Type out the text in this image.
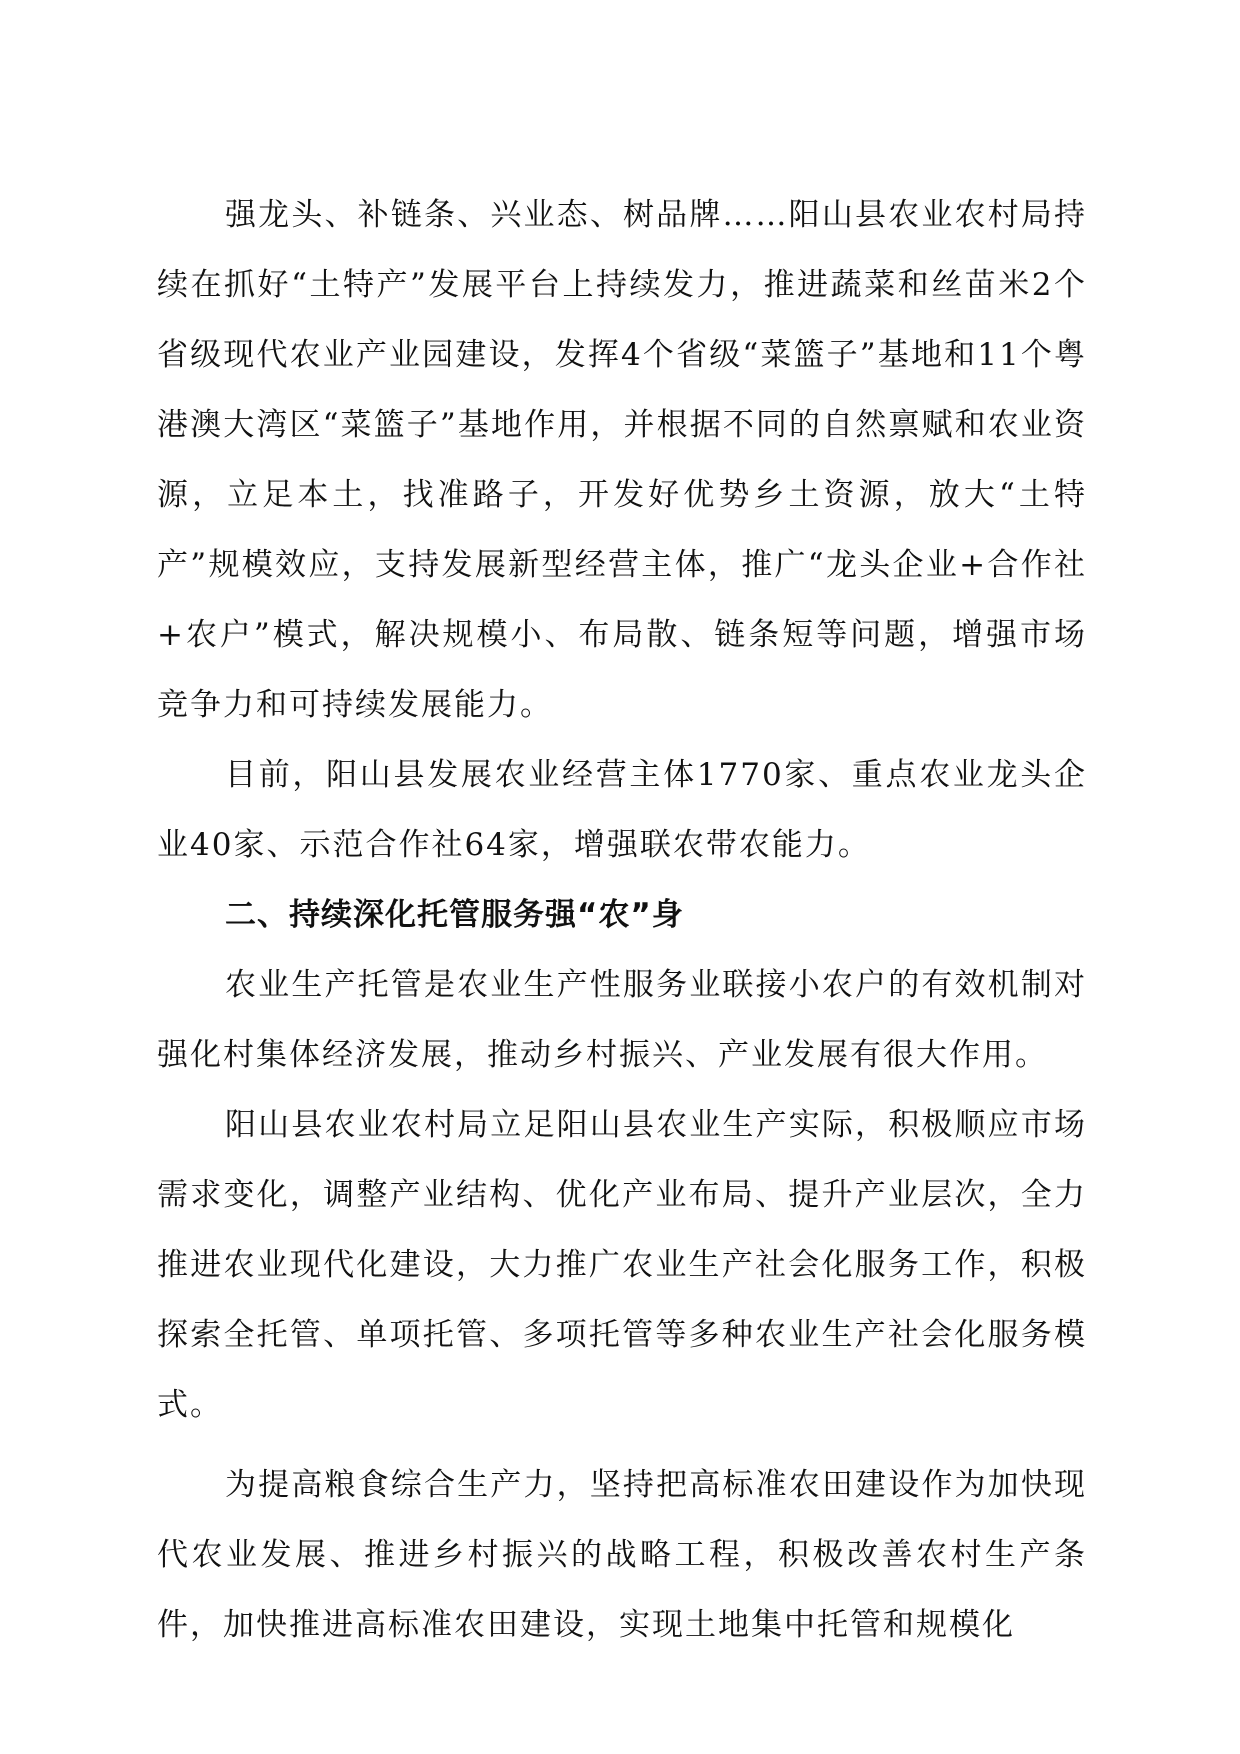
强龙头、补链条、兴业态、树品牌……阳山县农业农村局持续在抓好“土特产”发展平台上持续发力，推进蔬菜和丝苗米2个省级现代农业产业园建设，发挥4个省级“菜篮子”基地和11个粤港澳大湾区“菜篮子”基地作用，并根据不同的自然禀赋和农业资源，立足本土，找准路子，开发好优势乡土资源，放大“土特产”规模效应，支持发展新型经营主体，推广“龙头企业+合作社+农户”模式，解决规模小、布局散、链条短等问题，增强市场竞争力和可持续发展能力。

目前，阳山县发展农业经营主体1770家、重点农业龙头企业40家、示范合作社64家，增强联农带农能力。

二、持续深化托管服务强“农”身

农业生产托管是农业生产性服务业联接小农户的有效机制对强化村集体经济发展，推动乡村振兴、产业发展有很大作用。

阳山县农业农村局立足阳山县农业生产实际，积极顺应市场需求变化，调整产业结构、优化产业布局、提升产业层次，全力推进农业现代化建设，大力推广农业生产社会化服务工作，积极探索全托管、单项托管、多项托管等多种农业生产社会化服务模式。

为提高粮食综合生产力，坚持把高标准农田建设作为加快现代农业发展、推进乡村振兴的战略工程，积极改善农村生产条件，加快推进高标准农田建设，实现土地集中托管和规模化
